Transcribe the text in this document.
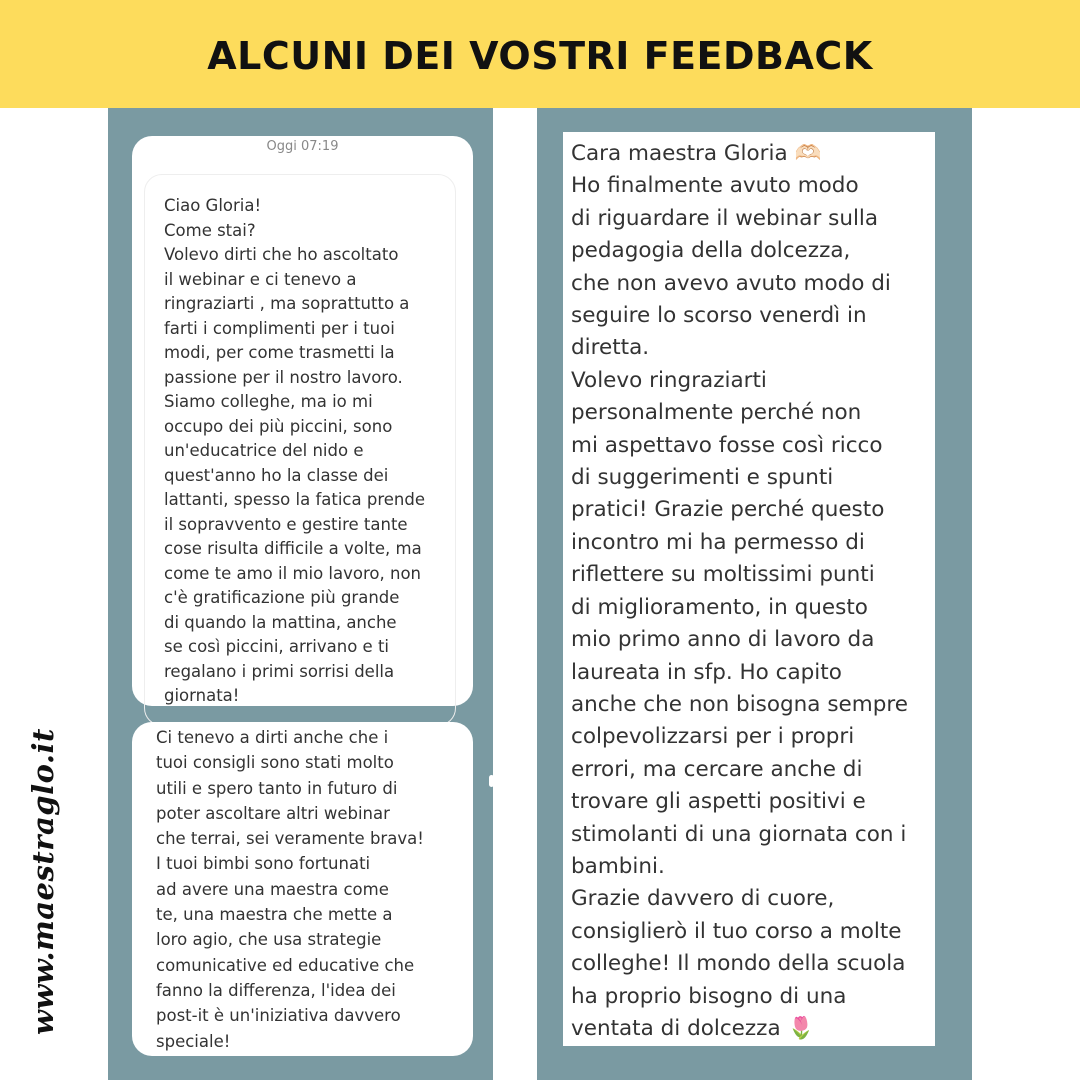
ALCUNI DEI VOSTRI FEEDBACK
Oggi 07:19
Ciao Gloria!
Come stai?
Volevo dirti che ho ascoltato
il webinar e ci tenevo a
ringraziarti , ma soprattutto a
farti i complimenti per i tuoi
modi, per come trasmetti la
passione per il nostro lavoro.
Siamo colleghe, ma io mi
occupo dei più piccini, sono
un'educatrice del nido e
quest'anno ho la classe dei
lattanti, spesso la fatica prende
il sopravvento e gestire tante
cose risulta difficile a volte, ma
come te amo il mio lavoro, non
c'è gratificazione più grande
di quando la mattina, anche
se così piccini, arrivano e ti
regalano i primi sorrisi della
giornata!
Ci tenevo a dirti anche che i
tuoi consigli sono stati molto
utili e spero tanto in futuro di
poter ascoltare altri webinar
che terrai, sei veramente brava!
I tuoi bimbi sono fortunati
ad avere una maestra come
te, una maestra che mette a
loro agio, che usa strategie
comunicative ed educative che
fanno la differenza, l'idea dei
post-it è un'iniziativa davvero
speciale!
Cara maestra Gloria 🫶🏻
Ho finalmente avuto modo
di riguardare il webinar sulla
pedagogia della dolcezza,
che non avevo avuto modo di
seguire lo scorso venerdì in
diretta.
Volevo ringraziarti
personalmente perché non
mi aspettavo fosse così ricco
di suggerimenti e spunti
pratici! Grazie perché questo
incontro mi ha permesso di
riflettere su moltissimi punti
di miglioramento, in questo
mio primo anno di lavoro da
laureata in sfp. Ho capito
anche che non bisogna sempre
colpevolizzarsi per i propri
errori, ma cercare anche di
trovare gli aspetti positivi e
stimolanti di una giornata con i
bambini.
Grazie davvero di cuore,
consiglierò il tuo corso a molte
colleghe! Il mondo della scuola
ha proprio bisogno di una
ventata di dolcezza 🌷
www.maestraglo.it
